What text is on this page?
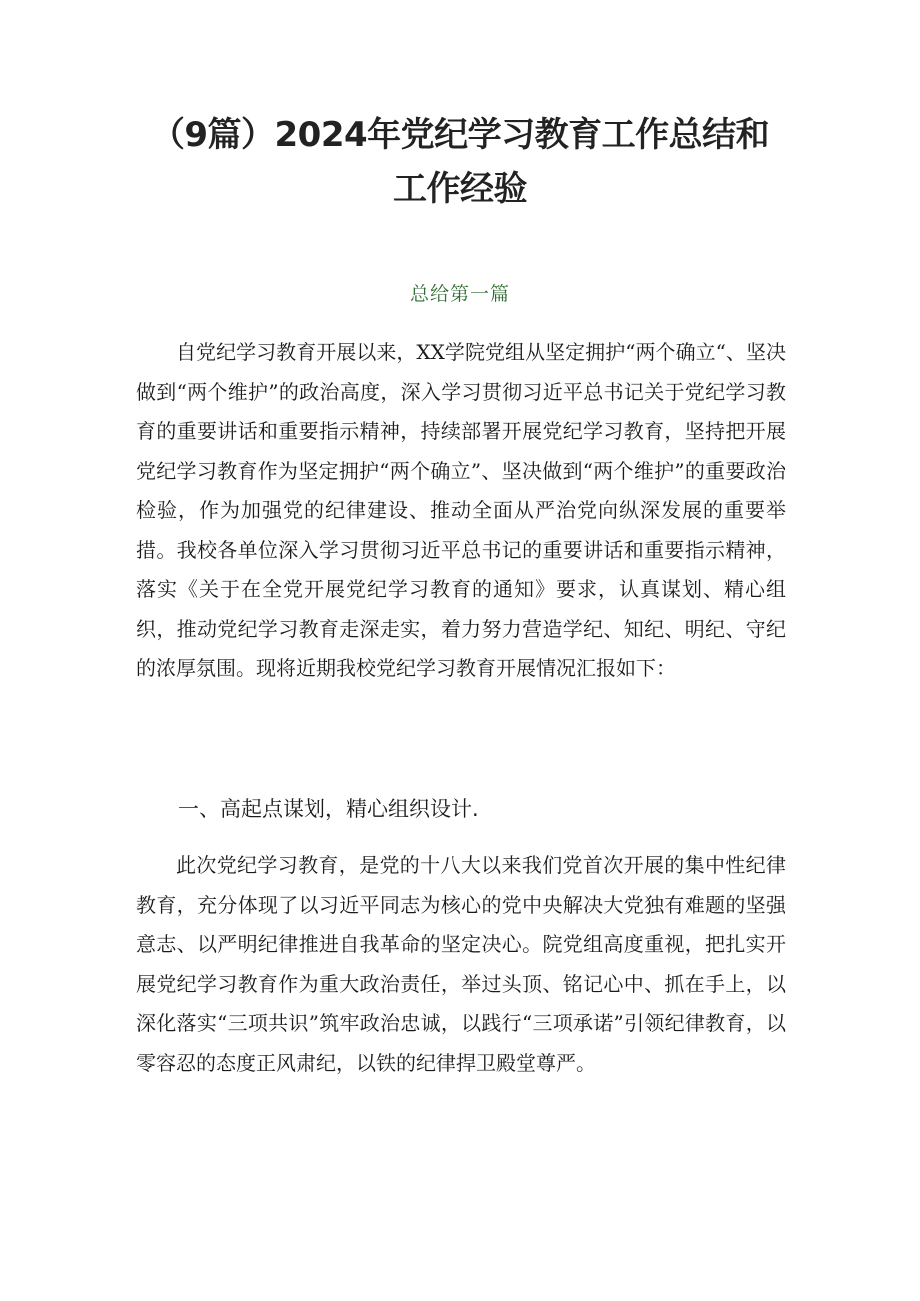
（9篇）2024年党纪学习教育工作总结和
工作经验
总给第一篇

自党纪学习教育开展以来，XX学院党组从坚定拥护“两个确立“、坚决做到“两个维护”的政治高度，深入学习贯彻习近平总书记关于党纪学习教育的重要讲话和重要指示精神，持续部署开展党纪学习教育，坚持把开展党纪学习教育作为坚定拥护“两个确立”、坚决做到“两个维护”的重要政治检验，作为加强党的纪律建设、推动全面从严治党向纵深发展的重要举措。我校各单位深入学习贯彻习近平总书记的重要讲话和重要指示精神，落实《关于在全党开展党纪学习教育的通知》要求，认真谋划、精心组织，推动党纪学习教育走深走实，着力努力营造学纪、知纪、明纪、守纪的浓厚氛围。现将近期我校党纪学习教育开展情况汇报如下：

一、高起点谋划，精心组织设计.

此次党纪学习教育，是党的十八大以来我们党首次开展的集中性纪律教育，充分体现了以习近平同志为核心的党中央解决大党独有难题的坚强意志、以严明纪律推进自我革命的坚定决心。院党组高度重视，把扎实开展党纪学习教育作为重大政治责任，举过头顶、铭记心中、抓在手上，以深化落实“三项共识”筑牢政治忠诚，以践行“三项承诺”引领纪律教育，以零容忍的态度正风肃纪，以铁的纪律捍卫殿堂尊严。
